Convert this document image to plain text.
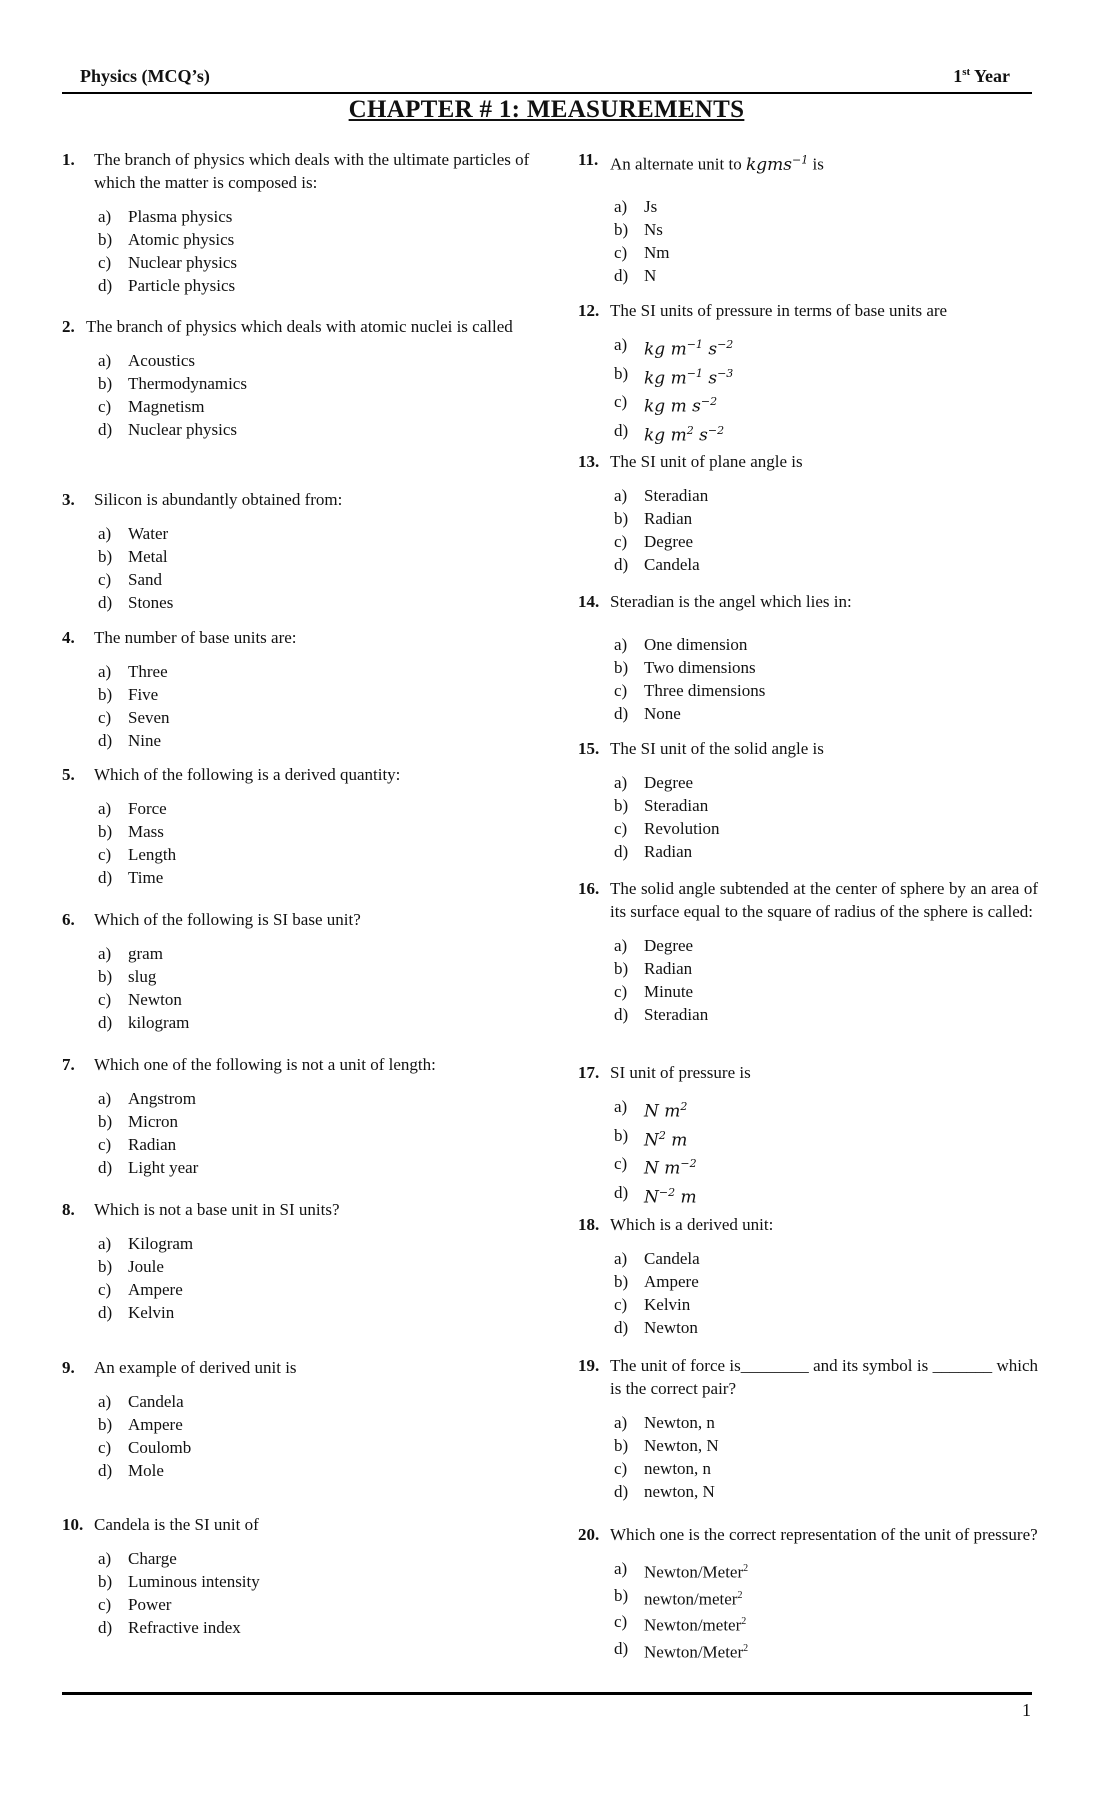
Physics (MCQ’s)	1st Year
CHAPTER # 1: MEASUREMENTS
1.	The branch of physics which deals with the ultimate particles of which the matter is composed is:
a) Plasma physics
b) Atomic physics
c) Nuclear physics
d) Particle physics
2. The branch of physics which deals with atomic nuclei is called
a) Acoustics
b) Thermodynamics
c) Magnetism
d) Nuclear physics
3.	Silicon is abundantly obtained from:
a) Water
b) Metal
c) Sand
d) Stones
4.	The number of base units are:
a) Three
b) Five
c) Seven
d) Nine
5.	Which of the following is a derived quantity:
a) Force
b) Mass
c) Length
d) Time
6.	Which of the following is SI base unit?
a) gram
b) slug
c) Newton
d) kilogram
7.	Which one of the following is not a unit of length:
a) Angstrom
b) Micron
c) Radian
d) Light year
8.	Which is not a base unit in SI units?
a) Kilogram
b) Joule
c) Ampere
d) Kelvin
9.	An example of derived unit is
a) Candela
b) Ampere
c) Coulomb
d) Mole
10. Candela is the SI unit of
a) Charge
b) Luminous intensity
c) Power
d) Refractive index
11. An alternate unit to kgms$^{-1}$ is
a) Js
b) Ns
c) Nm
d) N
12. The SI units of pressure in terms of base units are
a) kg $m^{-1}$ $s^{-2}$
b) kg $m^{-1}$ $s^{-3}$
c) kg m $s^{-2}$
d) kg $m^2$ $s^{-2}$
13. The SI unit of plane angle is
a) Steradian
b) Radian
c) Degree
d) Candela
14. Steradian is the angel which lies in:
a) One dimension
b) Two dimensions
c) Three dimensions
d) None
15. The SI unit of the solid angle is
a) Degree
b) Steradian
c) Revolution
d) Radian
16. The solid angle subtended at the center of sphere by an area of its surface equal to the square of radius of the sphere is called:
a) Degree
b) Radian
c) Minute
d) Steradian
17. SI unit of pressure is
a) N $m^2$
b) $N^2$ m
c) N $m^{-2}$
d) $N^{-2}$ m
18. Which is a derived unit:
a) Candela
b) Ampere
c) Kelvin
d) Newton
19. The unit of force is________ and its symbol is _______ which is the correct pair?
a) Newton, n
b) Newton, N
c) newton, n
d) newton, N
20. Which one is the correct representation of the unit of pressure?
a) Newton/Meter$^2$
b) newton/meter$^2$
c) Newton/meter$^2$
d) Newton/Meter$^2$
1
